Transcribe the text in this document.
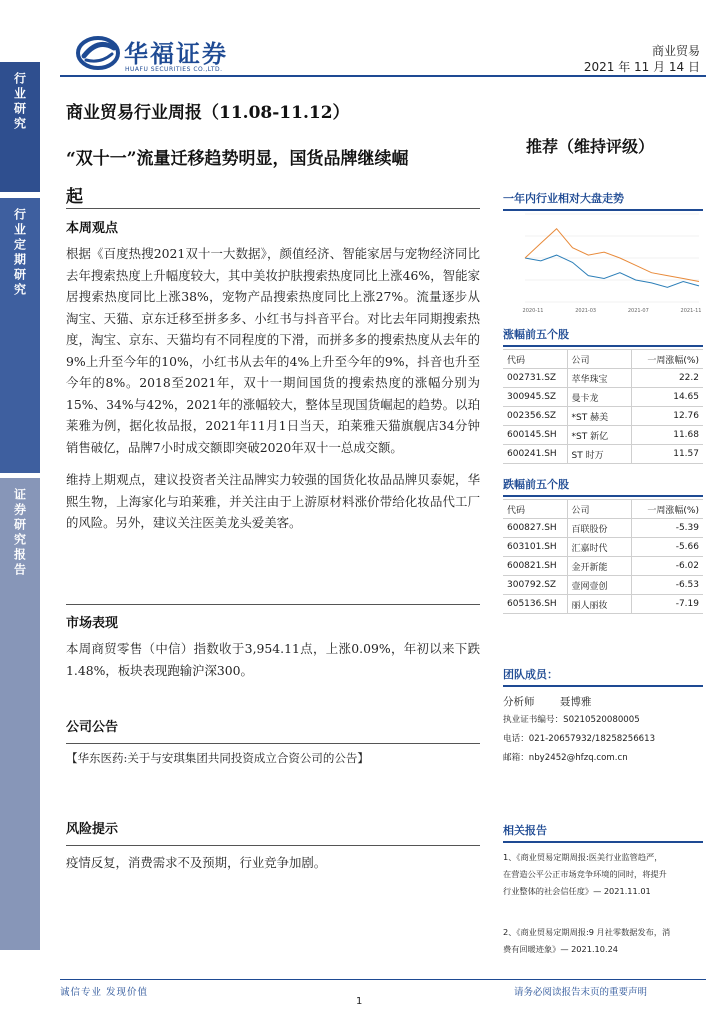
行业研究
行业定期研究
证券研究报告
华福证券
HUAFU SECURITIES CO.,LTD.
商业贸易
2021 年 11 月 14 日
商业贸易行业周报（11.08-11.12）
“双十一”流量迁移趋势明显，国货品牌继续崛
起
推荐（维持评级）
本周观点
根据《百度热搜2021双十一大数据》，颜值经济、智能家居与宠物经济同比去年搜索热度上升幅度较大，其中美妆护肤搜索热度同比上涨46%，智能家居搜索热度同比上涨38%，宠物产品搜索热度同比上涨27%。流量逐步从淘宝、天猫、京东迁移至拼多多、小红书与抖音平台。对比去年同期搜索热度，淘宝、京东、天猫均有不同程度的下滑，而拼多多的搜索热度从去年的9%上升至今年的10%，小红书从去年的4%上升至今年的9%，抖音也升至今年的8%。2018至2021年，双十一期间国货的搜索热度的涨幅分别为15%、34%与42%，2021年的涨幅较大，整体呈现国货崛起的趋势。以珀莱雅为例，据化妆品报，2021年11月1日当天，珀莱雅天猫旗舰店34分钟销售破亿，品牌7小时成交额即突破2020年双十一总成交额。
维持上期观点，建议投资者关注品牌实力较强的国货化妆品品牌贝泰妮，华熙生物，上海家化与珀莱雅，并关注由于上游原材料涨价带给化妆品代工厂的风险。另外，建议关注医美龙头爱美客。
市场表现
本周商贸零售（中信）指数收于3,954.11点，上涨0.09%，年初以来下跌1.48%，板块表现跑输沪深300。
公司公告
【华东医药:关于与安琪集团共同投资成立合资公司的公告】
风险提示
疫情反复，消费需求不及预期，行业竞争加剧。
一年内行业相对大盘走势
2020-11	2021-03	2021-07	2021-11
涨幅前五个股
代码	公司	一周涨幅(%)
002731.SZ	萃华珠宝	22.2
300945.SZ	曼卡龙	14.65
002356.SZ	*ST 赫美	12.76
600145.SH	*ST 新亿	11.68
600241.SH	ST 时万	11.57
跌幅前五个股
代码	公司	一周涨幅(%)
600827.SH	百联股份	-5.39
603101.SH	汇嘉时代	-5.66
600821.SH	金开新能	-6.02
300792.SZ	壹网壹创	-6.53
605136.SH	丽人丽妆	-7.19
团队成员：
分析师 聂博雅
执业证书编号：S0210520080005
电话：021-20657932/18258256613
邮箱：nby2452@hfzq.com.cn
相关报告
1、《商业贸易定期周报:医美行业监管趋严，
在营造公平公正市场竞争环境的同时，将提升
行业整体的社会信任度》— 2021.11.01
2、《商业贸易定期周报:9 月社零数据发布，消
费有回暖迹象》— 2021.10.24
诚信专业 发现价值
1
请务必阅读报告末页的重要声明
